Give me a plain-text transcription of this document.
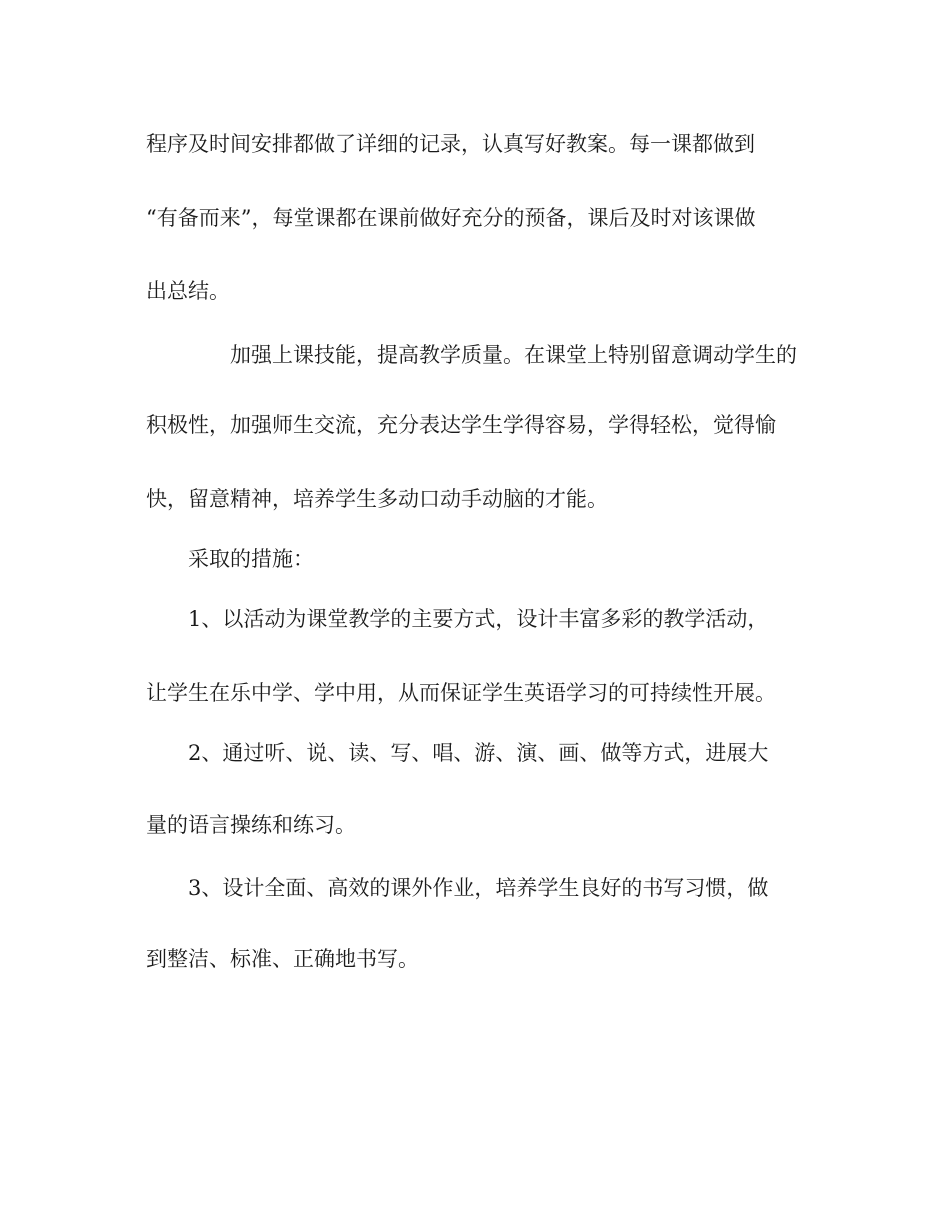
程序及时间安排都做了详细的记录，认真写好教案。每一课都做到
“有备而来”，每堂课都在课前做好充分的预备，课后及时对该课做
出总结。
　　加强上课技能，提高教学质量。在课堂上特别留意调动学生的
积极性，加强师生交流，充分表达学生学得容易，学得轻松，觉得愉
快，留意精神，培养学生多动口动手动脑的才能。
　　采取的措施：
　　1、以活动为课堂教学的主要方式，设计丰富多彩的教学活动，
让学生在乐中学、学中用，从而保证学生英语学习的可持续性开展。
　　2、通过听、说、读、写、唱、游、演、画、做等方式，进展大
量的语言操练和练习。
　　3、设计全面、高效的课外作业，培养学生良好的书写习惯，做
到整洁、标准、正确地书写。
